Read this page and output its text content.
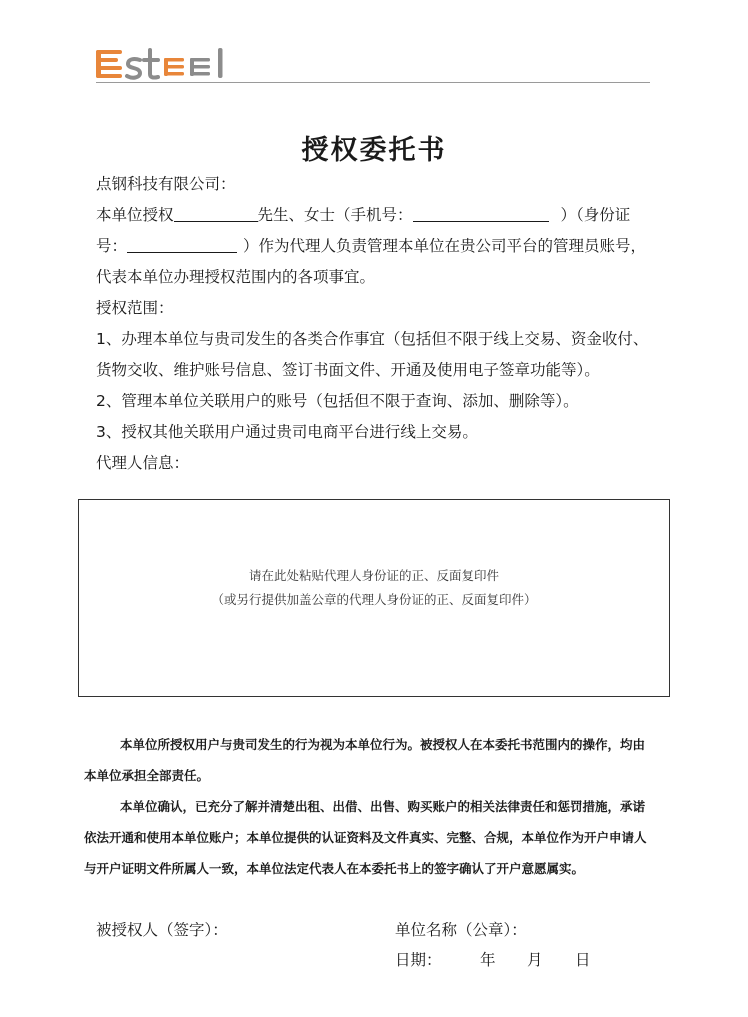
授权委托书
点钢科技有限公司：
本单位授权	先生、女士（手机号：	）（身份证
号：	）作为代理人负责管理本单位在贵公司平台的管理员账号，
代表本单位办理授权范围内的各项事宜。
授权范围：
1、办理本单位与贵司发生的各类合作事宜（包括但不限于线上交易、资金收付、
货物交收、维护账号信息、签订书面文件、开通及使用电子签章功能等）。
2、管理本单位关联用户的账号（包括但不限于查询、添加、删除等）。
3、授权其他关联用户通过贵司电商平台进行线上交易。
代理人信息：
请在此处粘贴代理人身份证的正、反面复印件
（或另行提供加盖公章的代理人身份证的正、反面复印件）
本单位所授权用户与贵司发生的行为视为本单位行为。被授权人在本委托书范围内的操作，均由本单位承担全部责任。
本单位确认，已充分了解并清楚出租、出借、出售、购买账户的相关法律责任和惩罚措施，承诺依法开通和使用本单位账户；本单位提供的认证资料及文件真实、完整、合规，本单位作为开户申请人与开户证明文件所属人一致，本单位法定代表人在本委托书上的签字确认了开户意愿属实。
被授权人（签字）：	单位名称（公章）：
日期： 年 月 日
